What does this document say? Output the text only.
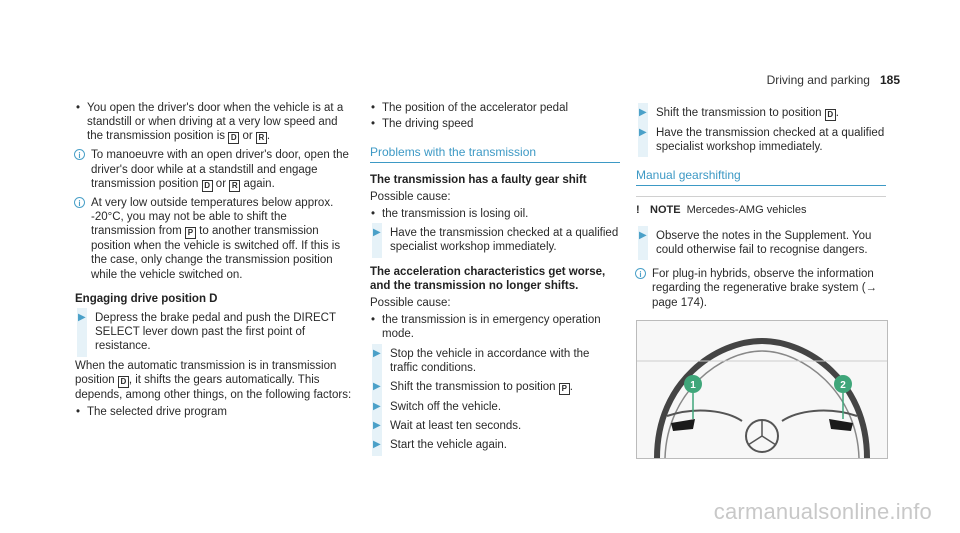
Driving and parking 185
• You open the driver's door when the vehicle is at a standstill or when driving at a very low speed and the transmission position is D or R .
i To manoeuvre with an open driver's door, open the driver's door while at a standstill and engage transmission position D or R again.
i At very low outside temperatures below approx. -20°C, you may not be able to shift the transmission from P to another transmission position when the vehicle is switched off. If this is the case, only change the transmission position while the vehicle switched on.
Engaging drive position D
▶ Depress the brake pedal and push the DIRECT SELECT lever down past the first point of resistance.
When the automatic transmission is in transmission position D , it shifts the gears automatically. This depends, among other things, on the following factors:
• The selected drive program
• The position of the accelerator pedal
• The driving speed
Problems with the transmission
The transmission has a faulty gear shift
Possible cause:
• the transmission is losing oil.
▶ Have the transmission checked at a qualified specialist workshop immediately.
The acceleration characteristics get worse, and the transmission no longer shifts.
Possible cause:
• the transmission is in emergency operation mode.
▶ Stop the vehicle in accordance with the traffic conditions.
▶ Shift the transmission to position P .
▶ Switch off the vehicle.
▶ Wait at least ten seconds.
▶ Start the vehicle again.
▶ Shift the transmission to position D .
▶ Have the transmission checked at a qualified specialist workshop immediately.
Manual gearshifting
! NOTE Mercedes-AMG vehicles
▶ Observe the notes in the Supplement. You could otherwise fail to recognise dangers.
i For plug-in hybrids, observe the information regarding the regenerative brake system (→ page 174).
1	2
carmanualsonline.info
